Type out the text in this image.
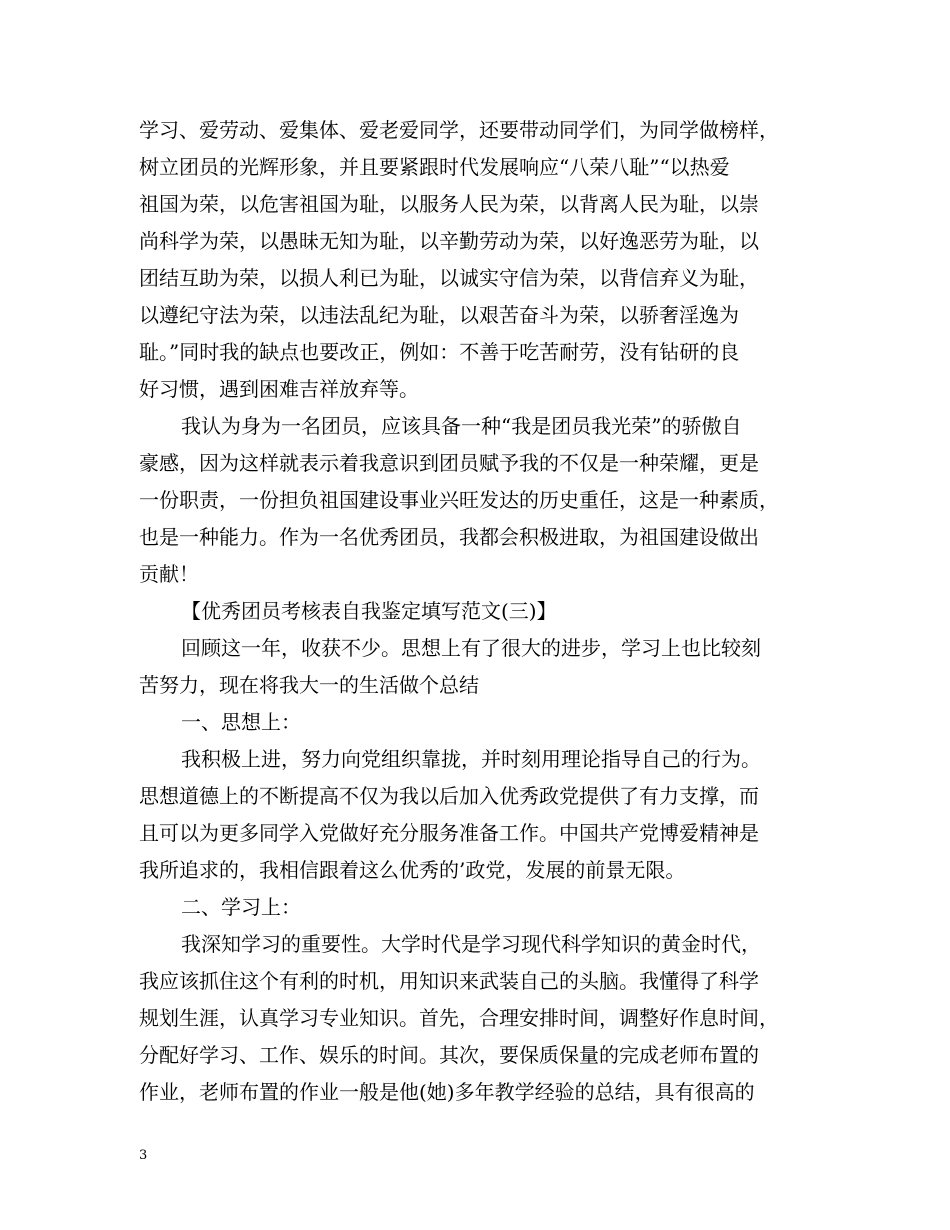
学习、爱劳动、爱集体、爱老爱同学，还要带动同学们，为同学做榜样，
树立团员的光辉形象，并且要紧跟时代发展响应“八荣八耻”“以热爱
祖国为荣，以危害祖国为耻，以服务人民为荣，以背离人民为耻，以崇
尚科学为荣，以愚昧无知为耻，以辛勤劳动为荣，以好逸恶劳为耻，以
团结互助为荣，以损人利已为耻，以诚实守信为荣，以背信弃义为耻，
以遵纪守法为荣，以违法乱纪为耻，以艰苦奋斗为荣，以骄奢淫逸为
耻。”同时我的缺点也要改正，例如：不善于吃苦耐劳，没有钻研的良
好习惯，遇到困难吉祥放弃等。
我认为身为一名团员，应该具备一种“我是团员我光荣”的骄傲自
豪感，因为这样就表示着我意识到团员赋予我的不仅是一种荣耀，更是
一份职责，一份担负祖国建设事业兴旺发达的历史重任，这是一种素质，
也是一种能力。作为一名优秀团员，我都会积极进取，为祖国建设做出
贡献！
【优秀团员考核表自我鉴定填写范文(三)】
回顾这一年，收获不少。思想上有了很大的进步，学习上也比较刻
苦努力，现在将我大一的生活做个总结
一、思想上：
我积极上进，努力向党组织靠拢，并时刻用理论指导自己的行为。
思想道德上的不断提高不仅为我以后加入优秀政党提供了有力支撑，而
且可以为更多同学入党做好充分服务准备工作。中国共产党博爱精神是
我所追求的，我相信跟着这么优秀的’政党，发展的前景无限。
二、学习上：
我深知学习的重要性。大学时代是学习现代科学知识的黄金时代，
我应该抓住这个有利的时机，用知识来武装自己的头脑。我懂得了科学
规划生涯，认真学习专业知识。首先，合理安排时间，调整好作息时间，
分配好学习、工作、娱乐的时间。其次，要保质保量的完成老师布置的
作业，老师布置的作业一般是他(她)多年教学经验的总结，具有很高的
3
